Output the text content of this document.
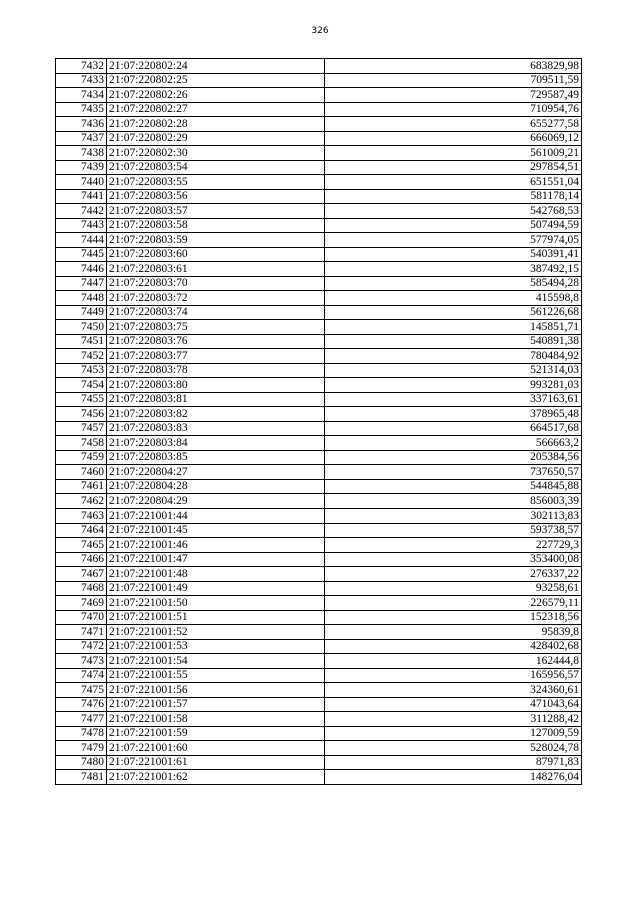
326
7432	21:07:220802:24	683829,98
7433	21:07:220802:25	709511,59
7434	21:07:220802:26	729587,49
7435	21:07:220802:27	710954,76
7436	21:07:220802:28	655277,58
7437	21:07:220802:29	666069,12
7438	21:07:220802:30	561009,21
7439	21:07:220803:54	297854,51
7440	21:07:220803:55	651551,04
7441	21:07:220803:56	581178,14
7442	21:07:220803:57	542768,53
7443	21:07:220803:58	507494,59
7444	21:07:220803:59	577974,05
7445	21:07:220803:60	540391,41
7446	21:07:220803:61	387492,15
7447	21:07:220803:70	585494,28
7448	21:07:220803:72	415598,8
7449	21:07:220803:74	561226,68
7450	21:07:220803:75	145851,71
7451	21:07:220803:76	540891,38
7452	21:07:220803:77	780484,92
7453	21:07:220803:78	521314,03
7454	21:07:220803:80	993281,03
7455	21:07:220803:81	337163,61
7456	21:07:220803:82	378965,48
7457	21:07:220803:83	664517,68
7458	21:07:220803:84	566663,2
7459	21:07:220803:85	205384,56
7460	21:07:220804:27	737650,57
7461	21:07:220804:28	544845,88
7462	21:07:220804:29	856003,39
7463	21:07:221001:44	302113,83
7464	21:07:221001:45	593738,57
7465	21:07:221001:46	227729,3
7466	21:07:221001:47	353400,08
7467	21:07:221001:48	276337,22
7468	21:07:221001:49	93258,61
7469	21:07:221001:50	226579,11
7470	21:07:221001:51	152318,56
7471	21:07:221001:52	95839,8
7472	21:07:221001:53	428402,68
7473	21:07:221001:54	162444,8
7474	21:07:221001:55	165956,57
7475	21:07:221001:56	324360,61
7476	21:07:221001:57	471043,64
7477	21:07:221001:58	311288,42
7478	21:07:221001:59	127009,59
7479	21:07:221001:60	528024,78
7480	21:07:221001:61	87971,83
7481	21:07:221001:62	148276,04
